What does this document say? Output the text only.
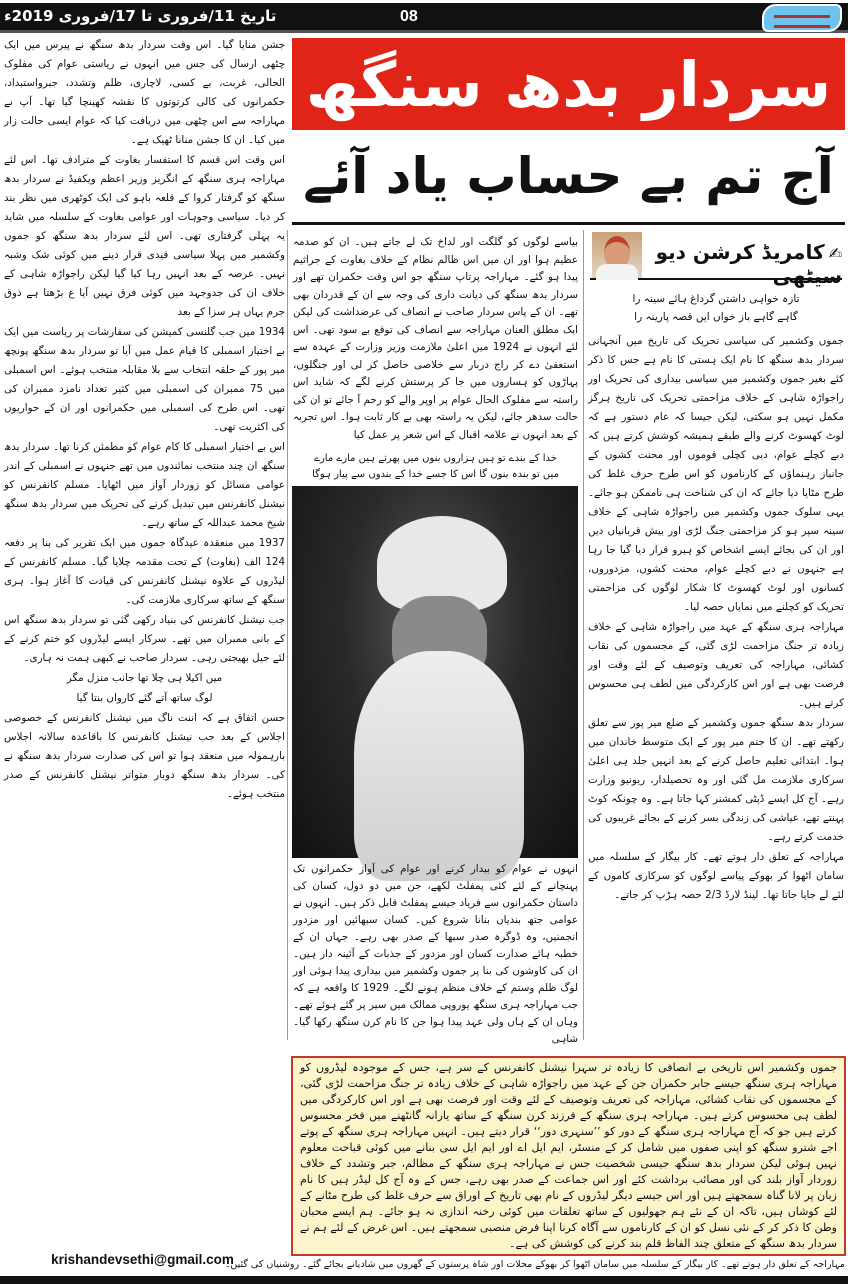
تاریخ 11/فروری تا 17/فروری 2019ء	08

جشن منایا گیا۔ اس وقت سردار بدھ سنگھ نے پیرس میں ایک چٹھی ارسال کی جس میں انہوں نے ریاستی عوام کی مفلوک الحالی، غربت، بے کسی، لاچاری، ظلم وتشدد، جبرواستبداد، حکمرانوں کی کالی کرتوتوں کا نقشہ کھینچا گیا تھا۔ آپ نے مہاراجہ سے اس چٹھی میں دریافت کیا کہ عوام ایسی حالت زار میں کیا۔ ان کا جشن منانا ٹھیک ہے۔

اس وقت اس قسم کا استفسار بغاوت کے مترادف تھا۔ اس لئے مہاراجہ ہری سنگھ کے انگریز وزیر اعظم ویکفیڈ نے سردار بدھ سنگھ کو گرفتار کروا کے قلعہ باہو کی ایک کوٹھری میں نظر بند کر دیا۔ سیاسی وجوہات اور عوامی بغاوت کے سلسلہ میں شاید یہ پہلی گرفتاری تھی۔ اس لئے سردار بدھ سنگھ کو جموں وکشمیر میں پہلا سیاسی قیدی قرار دینے میں کوئی شک وشبہ نہیں۔ عرصہ کے بعد انہیں رہا کیا گیا لیکن راجواڑہ شاہی کے خلاف ان کی جدوجہد میں کوئی فرق نہیں آیا ع بڑھتا ہے ذوق جرم یہاں ہر سزا کے بعد

1934 میں جب گلنسی کمیشن کی سفارشات پر ریاست میں ایک بے اختیار اسمبلی کا قیام عمل میں آیا تو سردار بدھ سنگھ پونچھ میر پور کے حلقہ انتخاب سے بلا مقابلہ منتخب ہوئے۔ اس اسمبلی میں 75 ممبران کی اسمبلی میں کثیر تعداد نامزد ممبران کی تھی۔ اس طرح کی اسمبلی میں حکمرانوں اور ان کے حواریوں کی اکثریت تھی۔

اس بے اختیار اسمبلی کا کام عوام کو مطمئن کرنا تھا۔ سردار بدھ سنگھ ان چند منتخب نمائندوں میں تھے جنہوں نے اسمبلی کے اندر عوامی مسائل کو زوردار آواز میں اٹھایا۔ مسلم کانفرنس کو نیشنل کانفرنس میں تبدیل کرنے کی تحریک میں سردار بدھ سنگھ شیخ محمد عبداللہ کے ساتھ رہے۔

1937 میں منعقدہ عیدگاہ جموں میں ایک تقریر کی بنا پر دفعہ 124 الف (بغاوت) کے تحت مقدمہ چلایا گیا۔ مسلم کانفرنس کے لیڈروں کے علاوہ نیشنل کانفرنس کی قیادت کا آغاز ہوا۔ ہری سنگھ کے ساتھ سرکاری ملازمت کی۔

جب نیشنل کانفرنس کی بنیاد رکھی گئی تو سردار بدھ سنگھ اس کے بانی ممبران میں تھے۔ سرکار ایسے لیڈروں کو ختم کرنے کے لئے جیل بھیجتی رہی۔ سردار صاحب نے کبھی ہمت نہ ہاری۔

میں اکیلا ہی چلا تھا جانب منزل مگر

لوگ ساتھ آتے گئے کارواں بنتا گیا

حسن اتفاق ہے کہ اننت ناگ میں نیشنل کانفرنس کے خصوصی اجلاس کے بعد جب نیشنل کانفرنس کا باقاعدہ سالانہ اجلاس بارہمولہ میں منعقد ہوا تو اس کی صدارت سردار بدھ سنگھ نے کی۔ سردار بدھ سنگھ دوبار متواتر نیشنل کانفرنس کے صدر منتخب ہوئے۔

krishandevsethi@gmail.com
سردار بدھ سنگھ
آج تم بے حساب یاد آئے
✍کامریڈ کرشن دیو سیٹھی
تازہ خواہی داشتن گرداغ ہائے سینہ را
گاہے گاہے باز خواں ایں قصہ پارینہ را

جموں وکشمیر کی سیاسی تحریک کی تاریخ میں آنجہانی سردار بدھ سنگھ کا نام ایک ہستی کا نام ہے جس کا ذکر کئے بغیر جموں وکشمیر میں سیاسی بیداری کی تحریک اور راجواڑہ شاہی کے خلاف مزاحمتی تحریک کی تاریخ ہرگز مکمل نہیں ہو سکتی، لیکن جیسا کہ عام دستور ہے کہ لوٹ کھسوٹ کرنے والے طبقے ہمیشہ کوشش کرتے ہیں کہ دبے کچلے عوام، دبی کچلی قوموں اور محنت کشوں کے جانباز رہنماؤں کے کارناموں کو اس طرح حرف غلط کی طرح مٹایا دیا جائے کہ ان کی شناخت ہی ناممکن ہو جائے۔ یہی سلوک جموں وکشمیر میں راجواڑہ شاہی کے خلاف سینہ سپر ہو کر مزاحمتی جنگ لڑی اور بیش قربانیاں دیں اور ان کی بجائے ایسے اشخاص کو ہیرو قرار دیا گیا جا رہا ہے جنہوں نے دبے کچلے عوام، محنت کشوں، مزدوروں، کسانوں اور لوٹ کھسوٹ کا شکار لوگوں کی مزاحمتی تحریک کو کچلنے میں نمایاں حصہ لیا۔

مہاراجہ ہری سنگھ کے عہد میں راجواڑہ شاہی کے خلاف زیادہ تر جنگ مزاحمت لڑی گئی، کے مجسموں کی نقاب کشائی، مہاراجہ کی تعریف وتوصیف کے لئے وقت اور فرصت بھی ہے اور اس کارکردگی میں لطف ہی محسوس کرتے ہیں۔

سردار بدھ سنگھ جموں وکشمیر کے ضلع میر پور سے تعلق رکھتے تھے۔ ان کا جنم میر پور کے ایک متوسط خاندان میں ہوا۔ ابتدائی تعلیم حاصل کرنے کے بعد انہیں جلد ہی اعلیٰ سرکاری ملازمت مل گئی اور وہ تحصیلدار، ریونیو وزارت رہے۔ آج کل ایسے ڈپٹی کمشنر کہا جاتا ہے۔ وہ چونکہ کوٹ پہنتے تھے، عیاشی کی زندگی بسر کرنے کے بجائے غریبوں کی خدمت کرتے رہے۔

مہاراجہ کے تعلق دار ہوتے تھے۔ کار بیگار کے سلسلہ میں سامان اٹھوا کر بھوکے پیاسے لوگوں کو سرکاری کاموں کے لئے لے جایا جاتا تھا۔ لینڈ لارڈ 2/3 حصہ ہڑپ کر جاتے۔

بیاسے لوگوں کو گلگت اور لداخ تک لے جاتے ہیں۔ ان کو صدمہ عظیم ہوا اور ان میں اس ظالم نظام کے خلاف بغاوت کے جراثیم پیدا ہو گئے۔ مہاراجہ پرتاپ سنگھ جو اس وقت حکمران تھے اور سردار بدھ سنگھ کی دیانت داری کی وجہ سے ان کے قدردان بھی تھے۔ ان کے پاس سردار صاحب نے انصاف کی عرضداشت کی لیکن ایک مطلق العنان مہاراجہ سے انصاف کی توقع بے سود تھی۔ اس لئے انہوں نے 1924 میں اعلیٰ ملازمت وزیر وزارت کے عہدہ سے استعفیٰ دے کر راج دربار سے خلاصی حاصل کر لی اور جنگلوں، پہاڑوں کو ہساروں میں جا کر پرستش کرنے لگے کہ شاید اس راستہ سے مفلوک الحال عوام پر اوپر والے کو رحم آ جائے تو ان کی حالت سدھر جائے، لیکن یہ راستہ بھی بے کار ثابت ہوا۔ اس تجربہ کے بعد انہوں نے علامہ اقبال کے اس شعر پر عمل کیا

خدا کے بندے تو ہیں ہزاروں بنوں میں پھرتے ہیں مارے مارے
میں تو بندہ بنوں گا اس کا جسے خدا کے بندوں سے پیار ہوگا

انہوں نے عوام کو بیدار کرنے اور عوام کی آواز حکمرانوں تک پہنچانے کے لئے کئی پمفلٹ لکھے، جن میں دو دول، کسان کی داستان حکمرانوں سے فریاد جیسے پمفلٹ قابل ذکر ہیں۔ انہوں نے عوامی جتھ بندیاں بنانا شروع کیں۔ کسان سبھائیں اور مزدور انجمنیں، وہ ڈوگرہ صدر سبھا کے صدر بھی رہے۔ جہاں ان کے خطبہ ہائے صدارت کسان اور مزدور کے جذبات کے آئینہ دار ہیں۔ ان کی کاوشوں کی بنا پر جموں وکشمیر میں بیداری پیدا ہوئی اور لوگ ظلم وستم کے خلاف منظم ہونے لگے۔ 1929 کا واقعہ ہے کہ جب مہاراجہ ہری سنگھ یوروپی ممالک میں سیر پر گئے ہوئے تھے۔ وہاں ان کے ہاں ولی عہد پیدا ہوا جن کا نام کرن سنگھ رکھا گیا۔ شاہی

جموں وکشمیر اس تاریخی بے انصافی کا زیادہ تر سہرا نیشنل کانفرنس کے سر ہے، جس کے موجودہ لیڈروں کو مہاراجہ ہری سنگھ جیسے جابر حکمران جن کے عہد میں راجواڑہ شاہی کے خلاف زیادہ تر جنگ مزاحمت لڑی گئی، کے مجسموں کی نقاب کشائی، مہاراجہ کی تعریف وتوصیف کے لئے وقت اور فرصت بھی ہے اور اس کارکردگی میں لطف ہی محسوس کرتے ہیں۔ مہاراجہ ہری سنگھ کے فرزند کرن سنگھ کے ساتھ یارانہ گانٹھنے میں فخر محسوس کرتے ہیں جو کہ آج مہاراجہ ہری سنگھ کے دور کو ’’سنہری دور‘‘ قرار دیتے ہیں۔ انہیں مہاراجہ ہری سنگھ کے پوتے اجے شترو سنگھ کو اپنی صفوں میں شامل کر کے منسٹر، ایم ایل اے اور ایم ایل سی بنانے میں کوئی قباحت معلوم نہیں ہوئی لیکن سردار بدھ سنگھ جیسی شخصیت جس نے مہاراجہ ہری سنگھ کے مظالم، جبر وتشدد کے خلاف زوردار آواز بلند کی اور مصائب برداشت کئے اور اس جماعت کے صدر بھی رہے، جس کے وہ آج کل لیڈر ہیں کا نام زبان پر لانا گناہ سمجھتے ہیں اور اس جیسے دیگر لیڈروں کے نام بھی تاریخ کے اوراق سے حرف غلط کی طرح مٹانے کے لئے کوشاں ہیں، تاکہ ان کے نئے ہم جھولیوں کے ساتھ تعلقات میں کوئی رخنہ اندازی نہ ہو جائے۔ ہم ایسے محبان وطن کا ذکر کر کے نئی نسل کو ان کے کارناموں سے آگاہ کرنا اپنا فرض منصبی سمجھتے ہیں۔ اس غرض کے لئے ہم نے سردار بدھ سنگھ کے متعلق چند الفاظ قلم بند کرنے کی کوشش کی ہے۔

مہاراجہ کے تعلق دار ہوتے تھے۔ کار بیگار کے سلسلہ میں سامان اٹھوا کر بھوکے محلات اور شاہ پرستوں کے گھروں میں شادیانے بجائے گئے۔ روشنیاں کی گئیں۔
